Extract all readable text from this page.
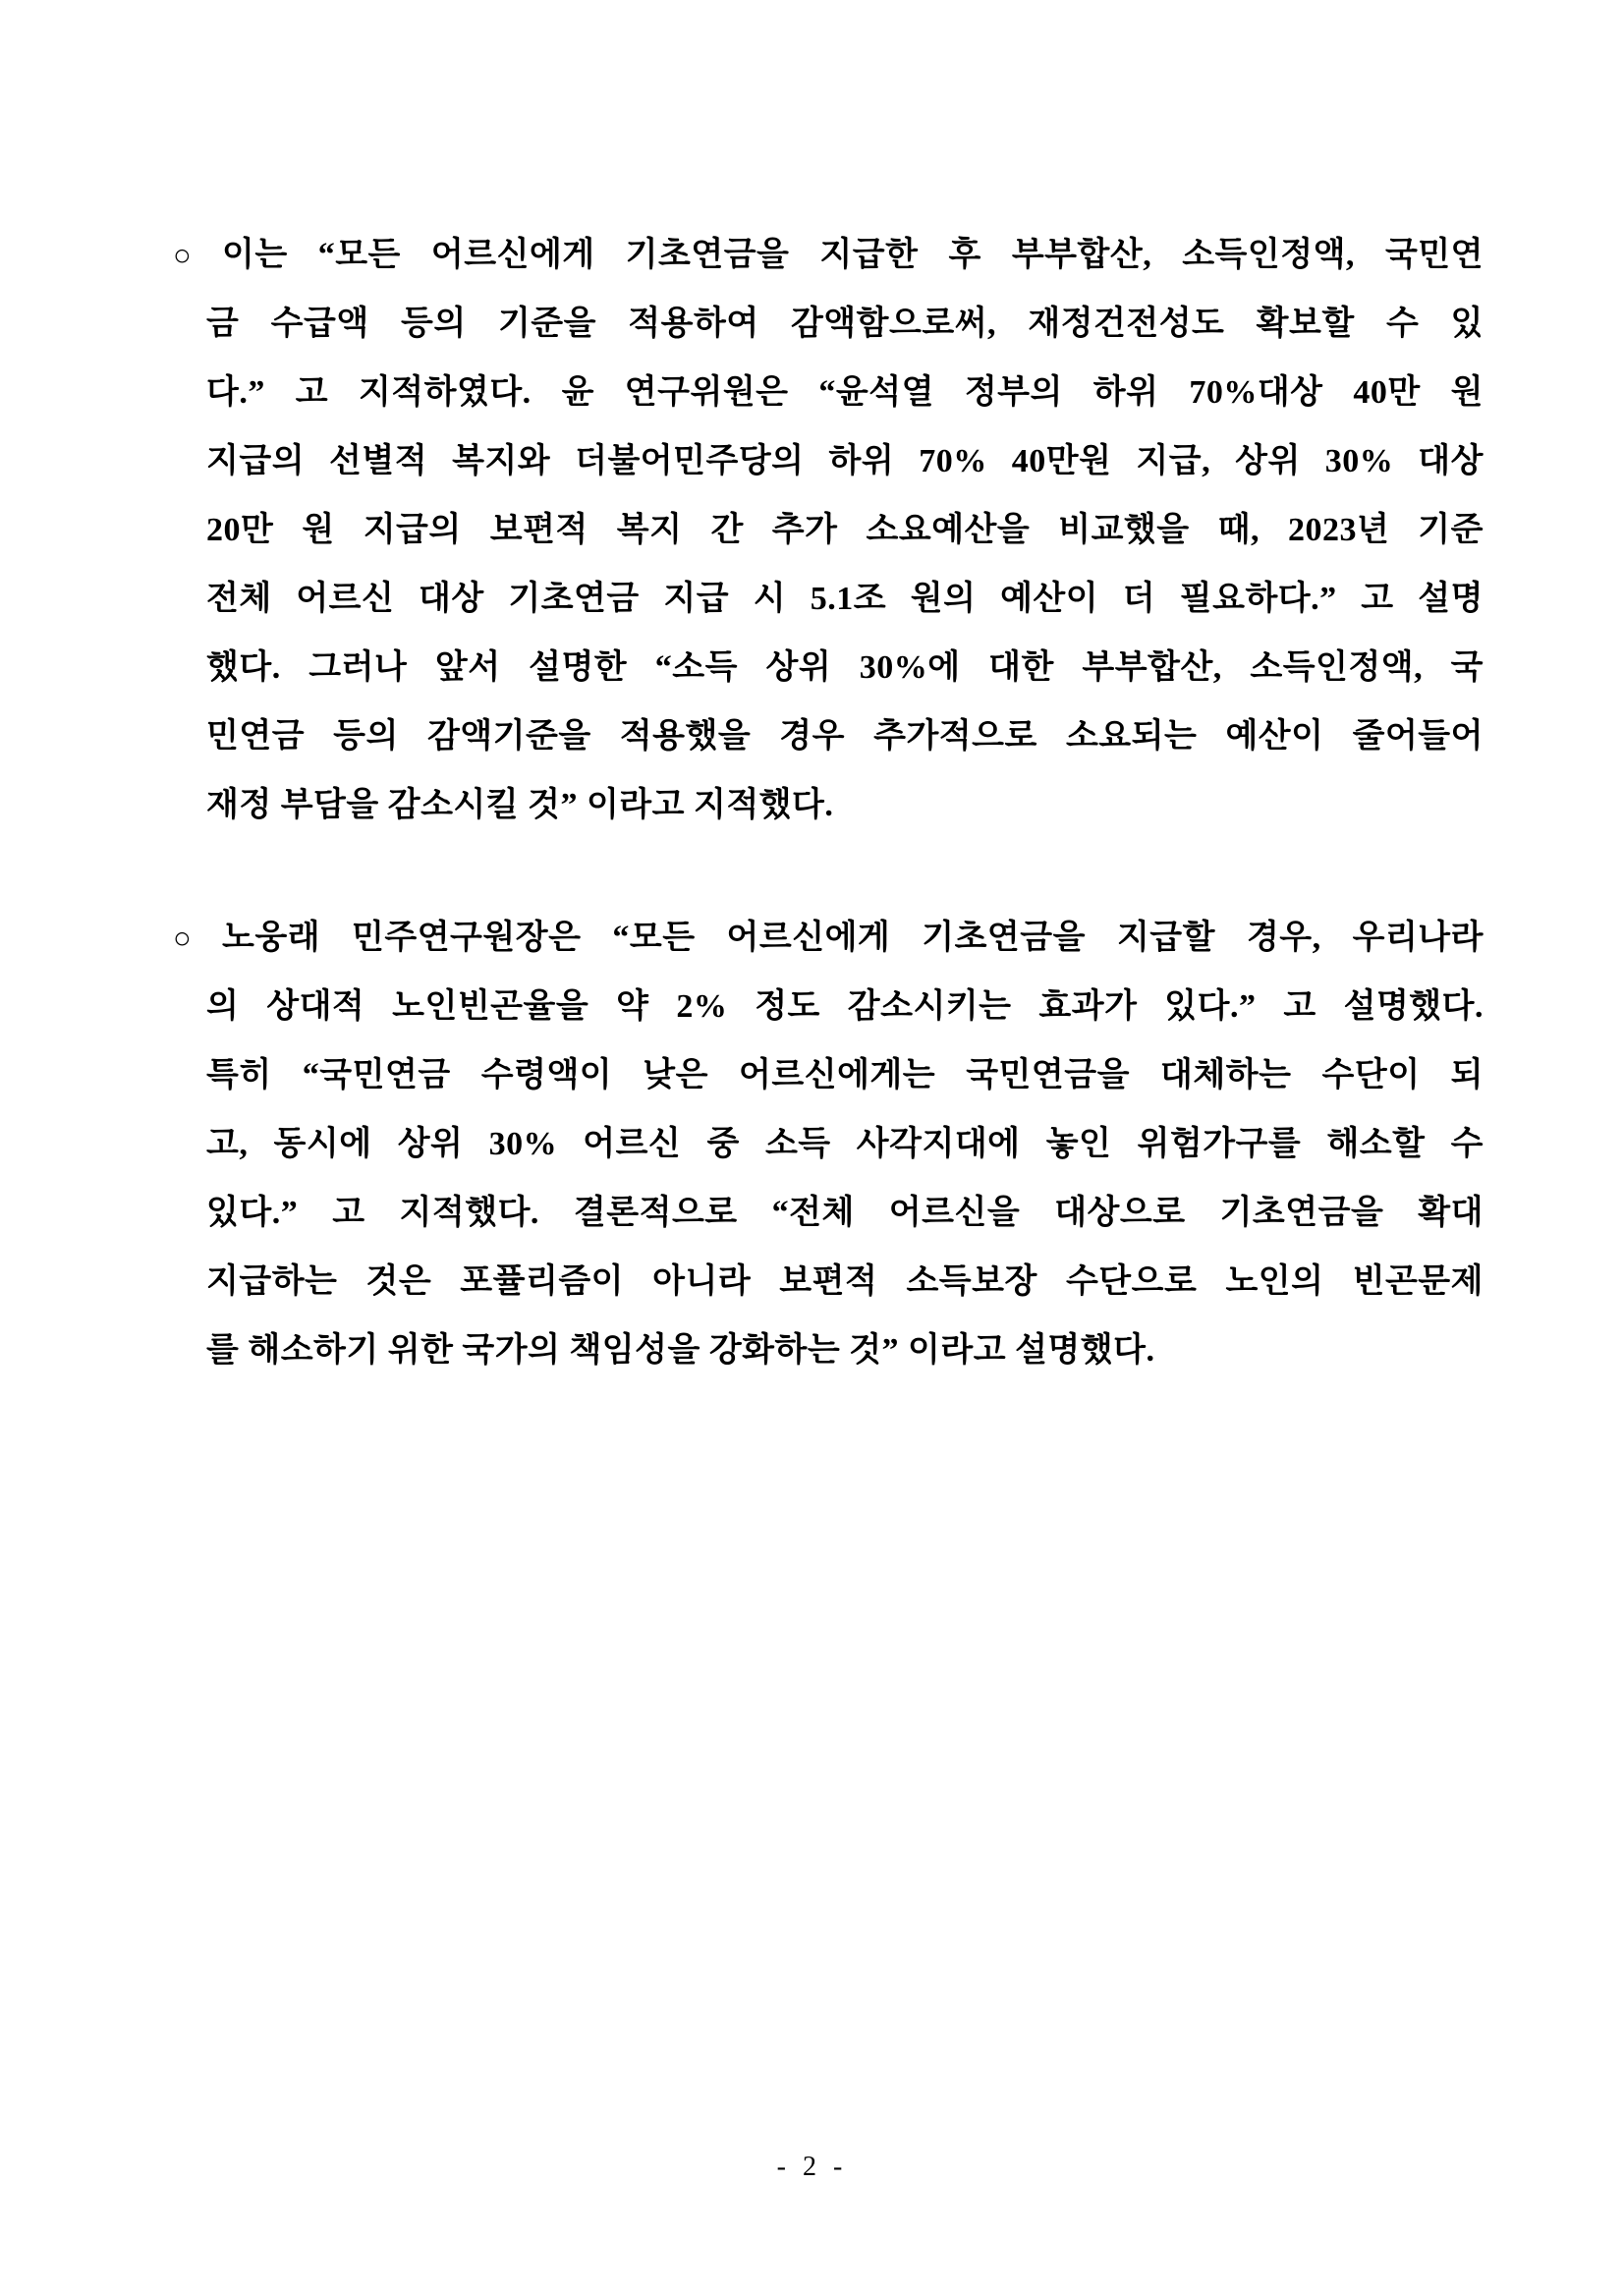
○ 이는 “모든 어르신에게 기초연금을 지급한 후 부부합산, 소득인정액, 국민연
금 수급액 등의 기준을 적용하여 감액함으로써, 재정건전성도 확보할 수 있
다.” 고 지적하였다. 윤 연구위원은 “윤석열 정부의 하위 70%대상 40만 원
지급의 선별적 복지와 더불어민주당의 하위 70% 40만원 지급, 상위 30% 대상
20만 원 지급의 보편적 복지 간 추가 소요예산을 비교했을 때, 2023년 기준
전체 어르신 대상 기초연금 지급 시 5.1조 원의 예산이 더 필요하다.” 고 설명
했다. 그러나 앞서 설명한 “소득 상위 30%에 대한 부부합산, 소득인정액, 국
민연금 등의 감액기준을 적용했을 경우 추가적으로 소요되는 예산이 줄어들어
재정 부담을 감소시킬 것” 이라고 지적했다.
○ 노웅래 민주연구원장은 “모든 어르신에게 기초연금을 지급할 경우, 우리나라
의 상대적 노인빈곤율을 약 2% 정도 감소시키는 효과가 있다.” 고 설명했다.
특히 “국민연금 수령액이 낮은 어르신에게는 국민연금을 대체하는 수단이 되
고, 동시에 상위 30% 어르신 중 소득 사각지대에 놓인 위험가구를 해소할 수
있다.” 고 지적했다. 결론적으로 “전체 어르신을 대상으로 기초연금을 확대
지급하는 것은 포퓰리즘이 아니라 보편적 소득보장 수단으로 노인의 빈곤문제
를 해소하기 위한 국가의 책임성을 강화하는 것” 이라고 설명했다.
- 2 -
